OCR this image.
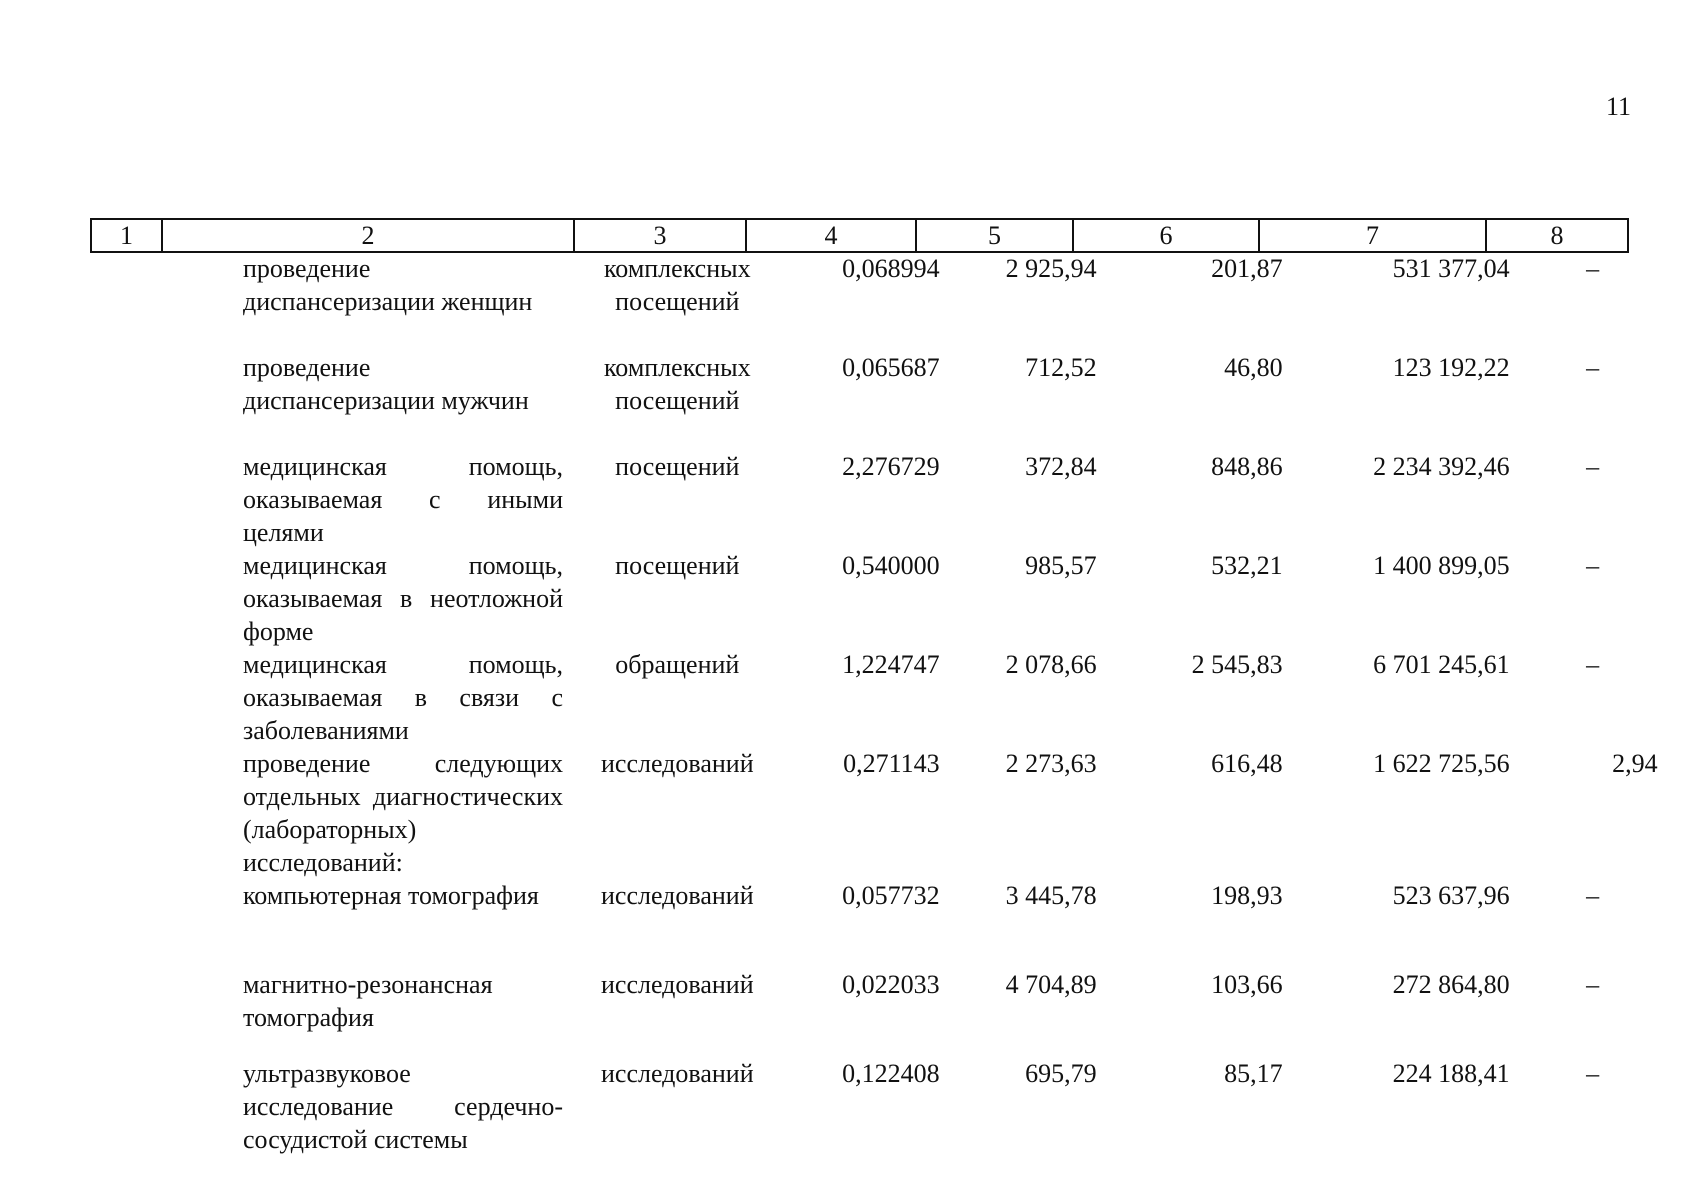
11
1	2	3	4	5	6	7	8
	проведение диспансеризации женщин	комплексных посещений	0,068994	2 925,94	201,87	531 377,04	–
	проведение диспансеризации мужчин	комплексных посещений	0,065687	712,52	46,80	123 192,22	–
	медицинская помощь, оказываемая с иными целями	посещений	2,276729	372,84	848,86	2 234 392,46	–
	медицинская помощь, оказываемая в неотложной форме	посещений	0,540000	985,57	532,21	1 400 899,05	–
	медицинская помощь, оказываемая в связи с заболеваниями	обращений	1,224747	2 078,66	2 545,83	6 701 245,61	–
	проведение следующих отдельных диагностических (лабораторных) исследований:	исследований	0,271143	2 273,63	616,48	1 622 725,56	2,94
	компьютерная томография	исследований	0,057732	3 445,78	198,93	523 637,96	–
	магнитно-резонансная томография	исследований	0,022033	4 704,89	103,66	272 864,80	–
	ультразвуковое исследование сердечно-сосудистой системы	исследований	0,122408	695,79	85,17	224 188,41	–
